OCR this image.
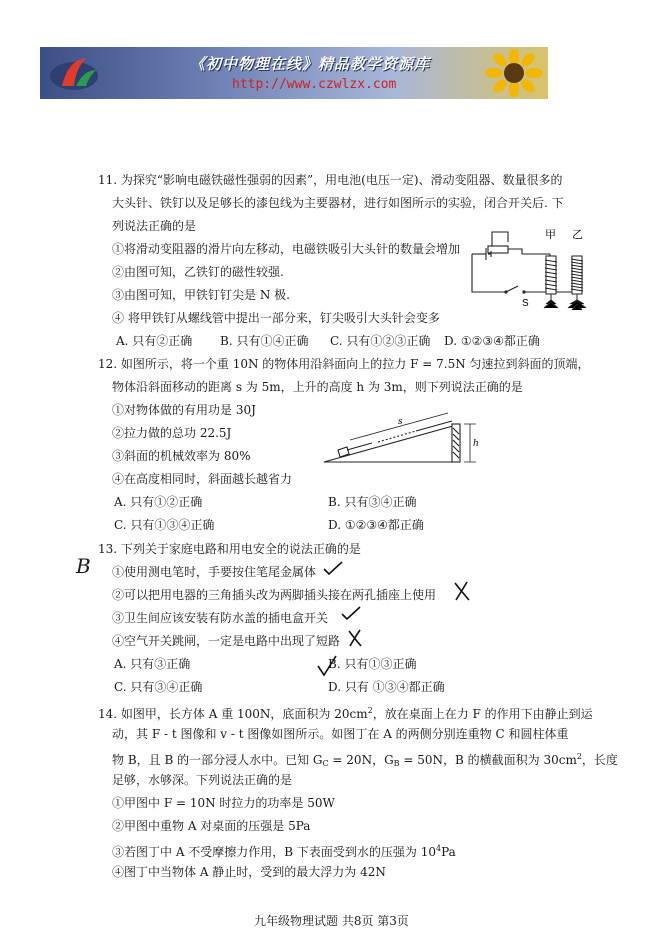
《初中物理在线》精品教学资源库
http://www.czwlzx.com
11. 为探究“影响电磁铁磁性强弱的因素”，用电池(电压一定)、滑动变阻器、数量很多的
大头针、铁钉以及足够长的漆包线为主要器材，进行如图所示的实验，闭合开关后. 下
列说法正确的是
①将滑动变阻器的滑片向左移动，电磁铁吸引大头针的数量会增加
②由图可知，乙铁钉的磁性较强.
③由图可知，甲铁钉钉尖是 N 极.
④ 将甲铁钉从螺线管中提出一部分来，钉尖吸引大头针会变多
A. 只有②正确 B. 只有①④正确 C. 只有①②③正确 D. ①②③④都正确
S
甲 乙
12. 如图所示，将一个重 10N 的物体用沿斜面向上的拉力 F = 7.5N 匀速拉到斜面的顶端，
物体沿斜面移动的距离 s 为 5m，上升的高度 h 为 3m，则下列说法正确的是
①对物体做的有用功是 30J
②拉力做的总功 22.5J
③斜面的机械效率为 80%
④在高度相同时，斜面越长越省力
A. 只有①②正确	B. 只有③④正确
C. 只有①③④正确	D. ①②③④都正确
s
h
13. 下列关于家庭电路和用电安全的说法正确的是
①使用测电笔时，手要按住笔尾金属体
②可以把用电器的三角插头改为两脚插头接在两孔插座上使用
③卫生间应该安装有防水盖的插电盒开关
④空气开关跳闸，一定是电路中出现了短路
A. 只有③正确	B. 只有①③正确
C. 只有③④正确	D. 只有 ①③④都正确
B
14. 如图甲，长方体 A 重 100N，底面积为 $20cm^2$，放在桌面上在力 F 的作用下由静止到运
动，其 F - t 图像和 v - t 图像如图所示。如图丁在 A 的两侧分别连重物 C 和圆柱体重
物 B，且 B 的一部分浸人水中。已知 $G_C = 20N$，$G_B = 50N$，B 的横截面积为 $30cm^2$，长度
足够，水够深。下列说法正确的是
①甲图中 F = 10N 时拉力的功率是 50W
②甲图中重物 A 对桌面的压强是 5Pa
③若图丁中 A 不受摩擦力作用，B 下表面受到水的压强为 $10^4Pa$
④图丁中当物体 A 静止时，受到的最大浮力为 42N
九年级物理试题 共8页 第3页
